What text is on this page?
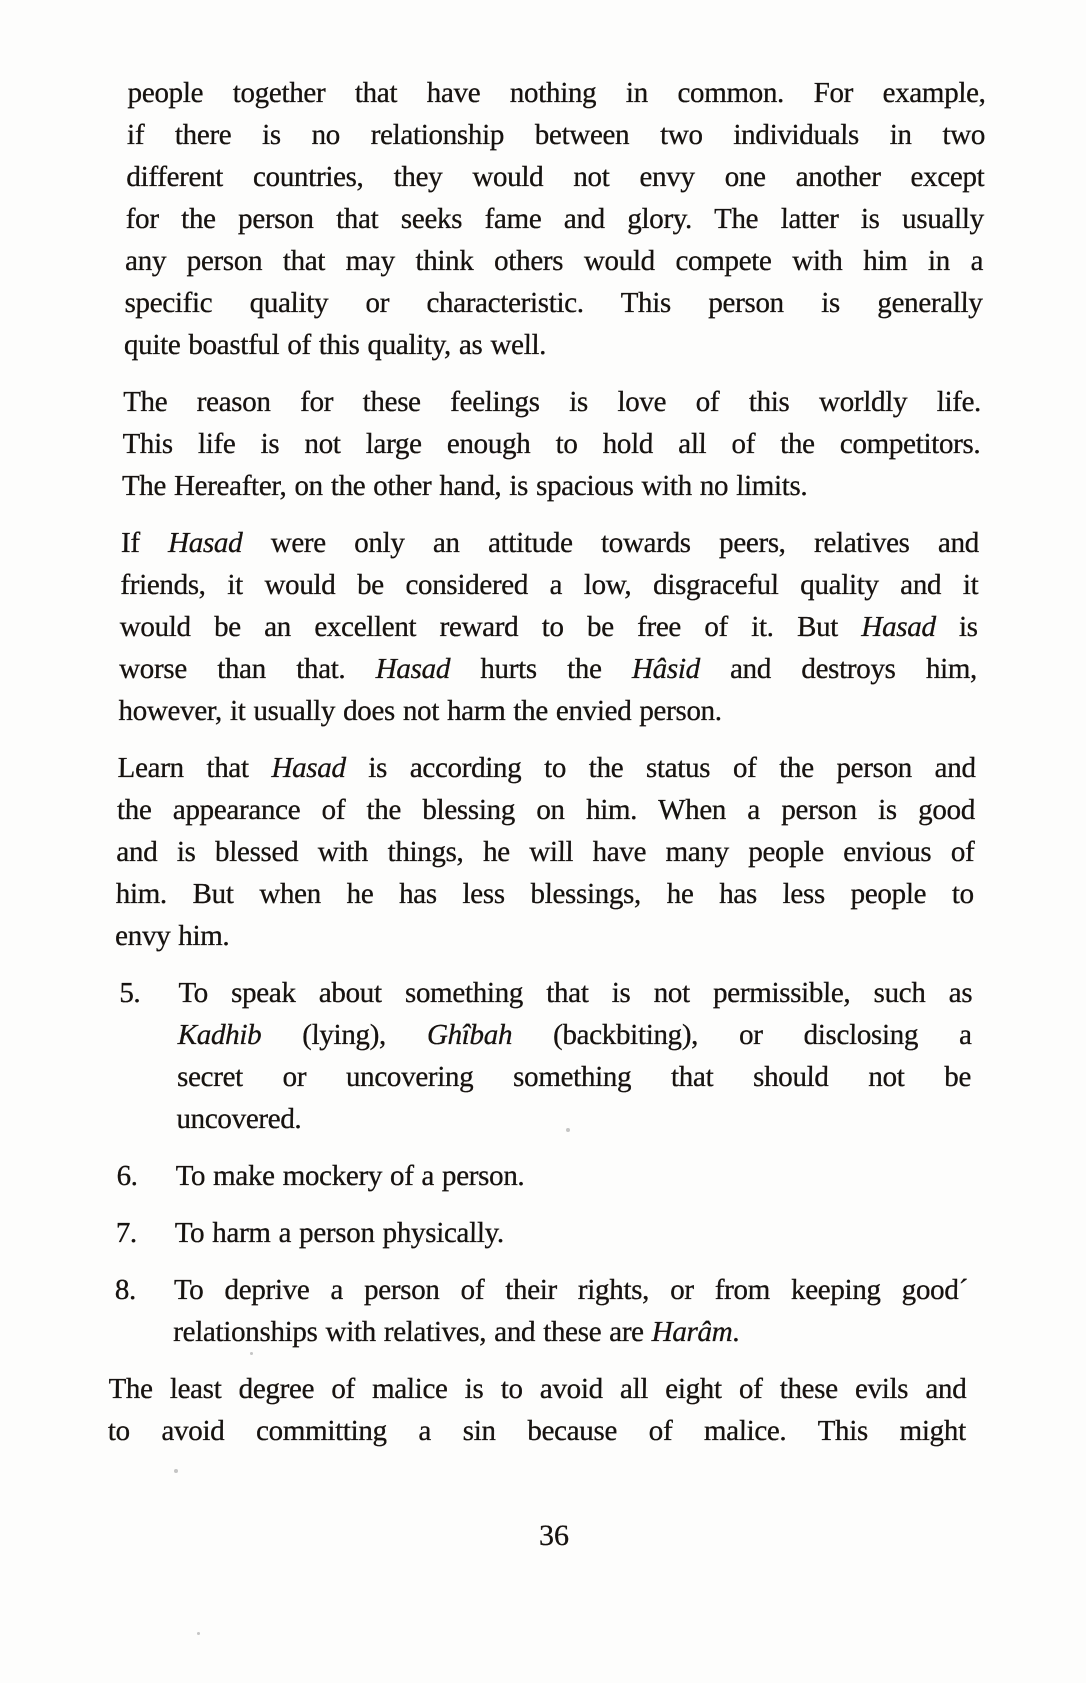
people together that have nothing in common. For example,
if there is no relationship between two individuals in two
different countries, they would not envy one another except
for the person that seeks fame and glory. The latter is usually
any person that may think others would compete with him in a
specific quality or characteristic. This person is generally
quite boastful of this quality, as well.
The reason for these feelings is love of this worldly life.
This life is not large enough to hold all of the competitors.
The Hereafter, on the other hand, is spacious with no limits.
If Hasad were only an attitude towards peers, relatives and
friends, it would be considered a low, disgraceful quality and it
would be an excellent reward to be free of it. But Hasad is
worse than that. Hasad hurts the Hâsid and destroys him,
however, it usually does not harm the envied person.
Learn that Hasad is according to the status of the person and
the appearance of the blessing on him. When a person is good
and is blessed with things, he will have many people envious of
him. But when he has less blessings, he has less people to
envy him.
5.	To speak about something that is not permissible, such as
Kadhib (lying), Ghîbah (backbiting), or disclosing a
secret or uncovering something that should not be
uncovered.
6.	To make mockery of a person.
7.	To harm a person physically.
8.	To deprive a person of their rights, or from keeping good´
relationships with relatives, and these are Harâm.
The least degree of malice is to avoid all eight of these evils and
to avoid committing a sin because of malice. This might
36
